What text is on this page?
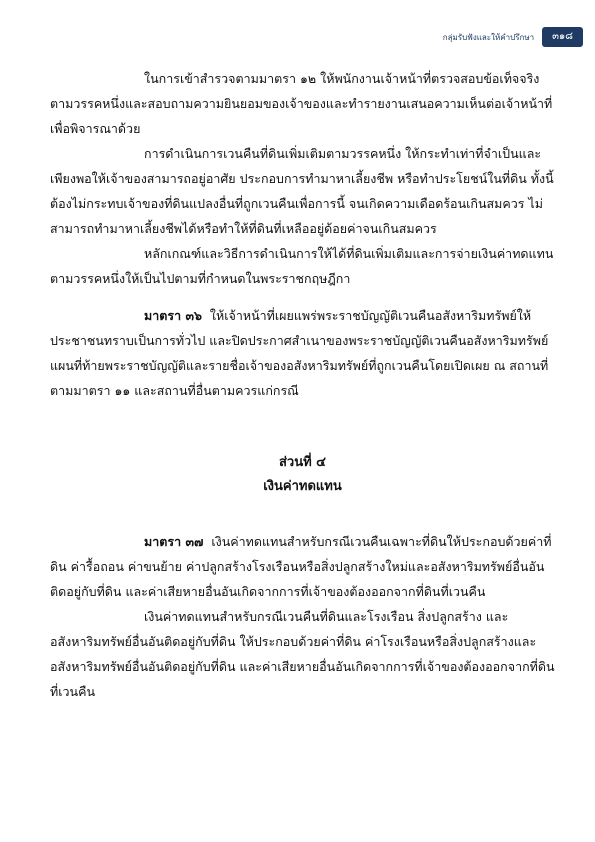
กลุ่มรับฟังและให้คำปรึกษา	๓๑๘

ในการเข้าสำรวจตามมาตรา ๑๒ ให้พนักงานเจ้าหน้าที่ตรวจสอบข้อเท็จจริงตามวรรคหนึ่งและสอบถามความยินยอมของเจ้าของและทำรายงานเสนอความเห็นต่อเจ้าหน้าที่เพื่อพิจารณาด้วย

การดำเนินการเวนคืนที่ดินเพิ่มเติมตามวรรคหนึ่ง ให้กระทำเท่าที่จำเป็นและเพียงพอให้เจ้าของสามารถอยู่อาศัย ประกอบการทำมาหาเลี้ยงชีพ หรือทำประโยชน์ในที่ดิน ทั้งนี้ ต้องไม่กระทบเจ้าของที่ดินแปลงอื่นที่ถูกเวนคืนเพื่อการนี้ จนเกิดความเดือดร้อนเกินสมควร ไม่สามารถทำมาหาเลี้ยงชีพได้หรือทำให้ที่ดินที่เหลืออยู่ด้อยค่าจนเกินสมควร

หลักเกณฑ์และวิธีการดำเนินการให้ได้ที่ดินเพิ่มเติมและการจ่ายเงินค่าทดแทนตามวรรคหนึ่งให้เป็นไปตามที่กำหนดในพระราชกฤษฎีกา

มาตรา ๓๖ ให้เจ้าหน้าที่เผยแพร่พระราชบัญญัติเวนคืนอสังหาริมทรัพย์ให้ประชาชนทราบเป็นการทั่วไป และปิดประกาศสำเนาของพระราชบัญญัติเวนคืนอสังหาริมทรัพย์ แผนที่ท้ายพระราชบัญญัติและรายชื่อเจ้าของอสังหาริมทรัพย์ที่ถูกเวนคืนโดยเปิดเผย ณ สถานที่ตามมาตรา ๑๑ และสถานที่อื่นตามควรแก่กรณี

ส่วนที่ ๔
เงินค่าทดแทน

มาตรา ๓๗ เงินค่าทดแทนสำหรับกรณีเวนคืนเฉพาะที่ดินให้ประกอบด้วยค่าที่ดิน ค่ารื้อถอน ค่าขนย้าย ค่าปลูกสร้างโรงเรือนหรือสิ่งปลูกสร้างใหม่และอสังหาริมทรัพย์อื่นอันติดอยู่กับที่ดิน และค่าเสียหายอื่นอันเกิดจากการที่เจ้าของต้องออกจากที่ดินที่เวนคืน

เงินค่าทดแทนสำหรับกรณีเวนคืนที่ดินและโรงเรือน สิ่งปลูกสร้าง และอสังหาริมทรัพย์อื่นอันติดอยู่กับที่ดิน ให้ประกอบด้วยค่าที่ดิน ค่าโรงเรือนหรือสิ่งปลูกสร้างและอสังหาริมทรัพย์อื่นอันติดอยู่กับที่ดิน และค่าเสียหายอื่นอันเกิดจากการที่เจ้าของต้องออกจากที่ดินที่เวนคืน
